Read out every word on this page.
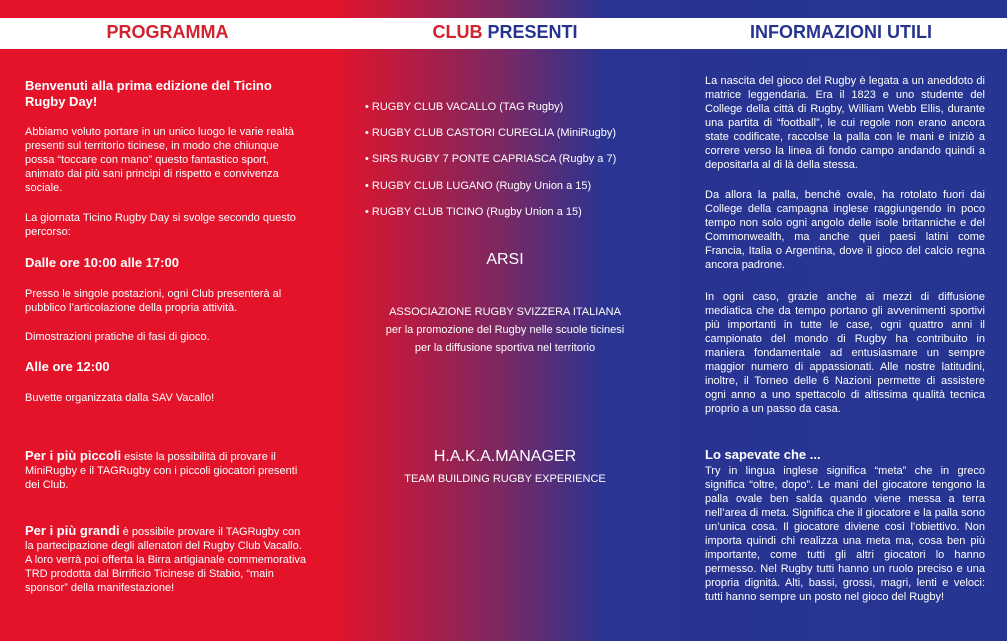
PROGRAMMA	CLUB PRESENTI	INFORMAZIONI UTILI

Benvenuti alla prima edizione del Ticino Rugby Day!

Abbiamo voluto portare in un unico luogo le varie realtà presenti sul territorio ticinese, in modo che chiunque possa “toccare con mano” questo fantastico sport, animato dai più sani principi di rispetto e convivenza sociale.

La giornata Ticino Rugby Day si svolge secondo questo percorso:

Dalle ore 10:00 alle 17:00

Presso le singole postazioni, ogni Club presenterà al pubblico l’articolazione della propria attività.

Dimostrazioni pratiche di fasi di gioco.

Alle ore 12:00

Buvette organizzata dalla SAV Vacallo!

Per i più piccoli esiste la possibilità di provare il MiniRugby e il TAGRugby con i piccoli giocatori presenti dei Club.

Per i più grandi è possibile provare il TAGRugby con
la partecipazione degli allenatori del Rugby Club Vacallo. A loro verrà poi offerta la Birra artigianale commemorativa TRD prodotta dal Birrificio Ticinese di Stabio, “main sponsor” della manifestazione!

• RUGBY CLUB VACALLO (TAG Rugby)
• RUGBY CLUB CASTORI CUREGLIA (MiniRugby)
• SIRS RUGBY 7 PONTE CAPRIASCA (Rugby a 7)
• RUGBY CLUB LUGANO (Rugby Union a 15)
• RUGBY CLUB TICINO (Rugby Union a 15)
ARSI
ASSOCIAZIONE RUGBY SVIZZERA ITALIANA
per la promozione del Rugby nelle scuole ticinesi
per la diffusione sportiva nel territorio
H.A.K.A.MANAGER
TEAM BUILDING RUGBY EXPERIENCE

La nascita del gioco del Rugby è legata a un aneddoto di matrice leggendaria. Era il 1823 e uno studente del College della città di Rugby, William Webb Ellis, durante una partita di “football”, le cui regole non erano ancora state codificate, raccolse la palla con le mani e iniziò a correre verso la linea di fondo campo andando quindi a depositarla al di là della stessa.

Da allora la palla, benché ovale, ha rotolato fuori dai College della campagna inglese raggiungendo in poco tempo non solo ogni angolo delle isole britanniche e del Commonwealth, ma anche quei paesi latini come Francia, Italia o Argentina, dove il gioco del calcio regna ancora padrone.

In ogni caso, grazie anche ai mezzi di diffusione mediatica che da tempo portano gli avvenimenti sportivi più importanti in tutte le case, ogni quattro anni il campionato del mondo di Rugby ha contribuito in maniera fondamentale ad entusiasmare un sempre maggior numero di appassionati. Alle nostre latitudini, inoltre, il Torneo delle 6 Nazioni permette di assistere ogni anno a uno spettacolo di altissima qualità tecnica proprio a un passo da casa.

Lo sapevate che ...

Try in lingua inglese significa “meta” che in greco significa “oltre, dopo”. Le mani del giocatore tengono la palla ovale ben salda quando viene messa a terra nell’area di meta. Significa che il giocatore e la palla sono un’unica cosa. Il giocatore diviene così l’obiettivo. Non importa quindi chi realizza una meta ma, cosa ben più importante, come tutti gli altri giocatori lo hanno permesso. Nel Rugby tutti hanno un ruolo preciso e una propria dignità. Alti, bassi, grossi, magri, lenti e veloci: tutti hanno sempre un posto nel gioco del Rugby!
